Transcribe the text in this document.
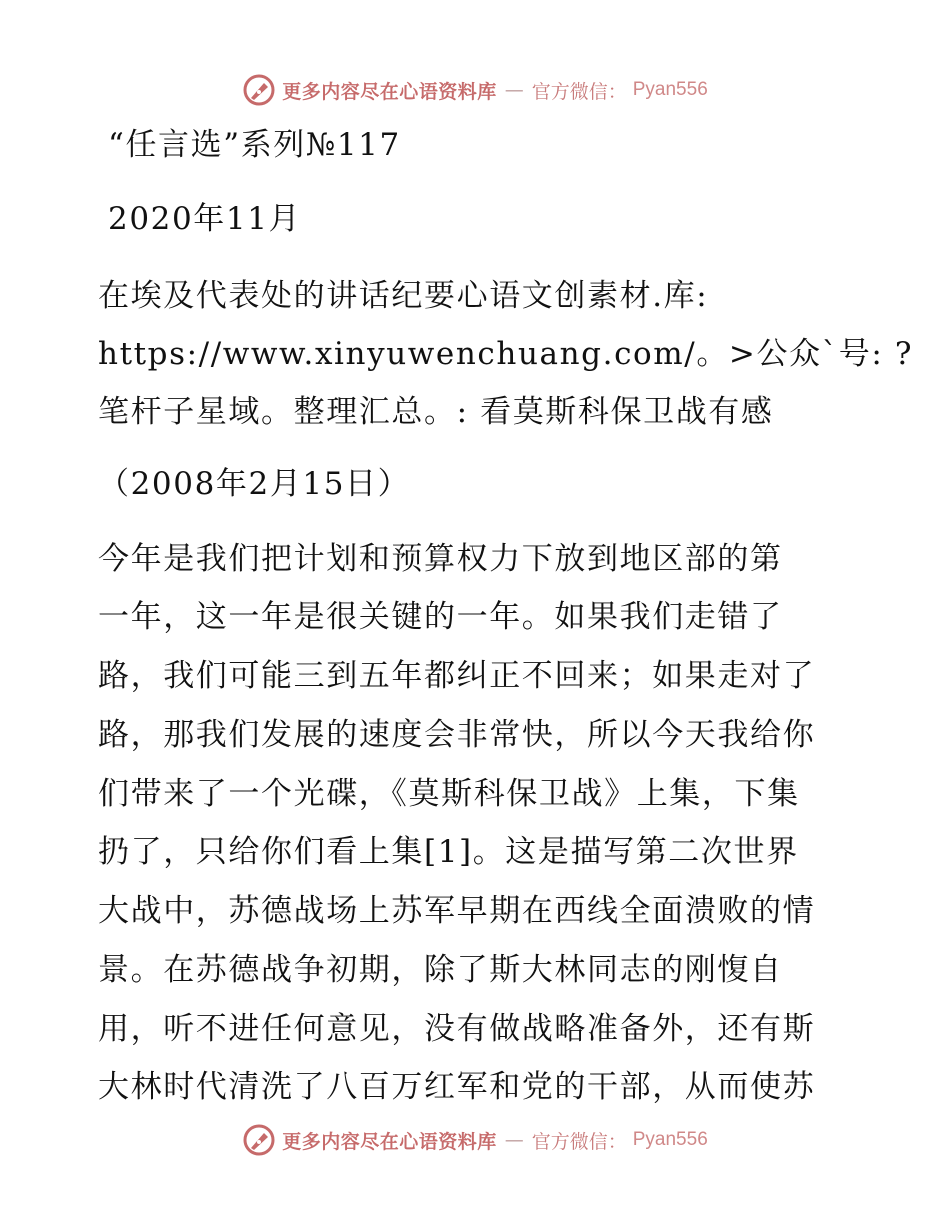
更多内容尽在心语资料库 — 官方微信： Pyan556
“任言选”系列№117
2020年11月
在埃及代表处的讲话纪要心语文创素材.库:
https://www.xinyuwenchuang.com/。>公众`号: ?
笔杆子星域。整理汇总。: 看莫斯科保卫战有感
（2008年2月15日）
今年是我们把计划和预算权力下放到地区部的第
一年，这一年是很关键的一年。如果我们走错了
路，我们可能三到五年都纠正不回来；如果走对了
路，那我们发展的速度会非常快，所以今天我给你
们带来了一个光碟，《莫斯科保卫战》上集，下集
扔了，只给你们看上集[1]。这是描写第二次世界
大战中，苏德战场上苏军早期在西线全面溃败的情
景。在苏德战争初期，除了斯大林同志的刚愎自
用，听不进任何意见，没有做战略准备外，还有斯
大林时代清洗了八百万红军和党的干部，从而使苏
更多内容尽在心语资料库 — 官方微信： Pyan556
